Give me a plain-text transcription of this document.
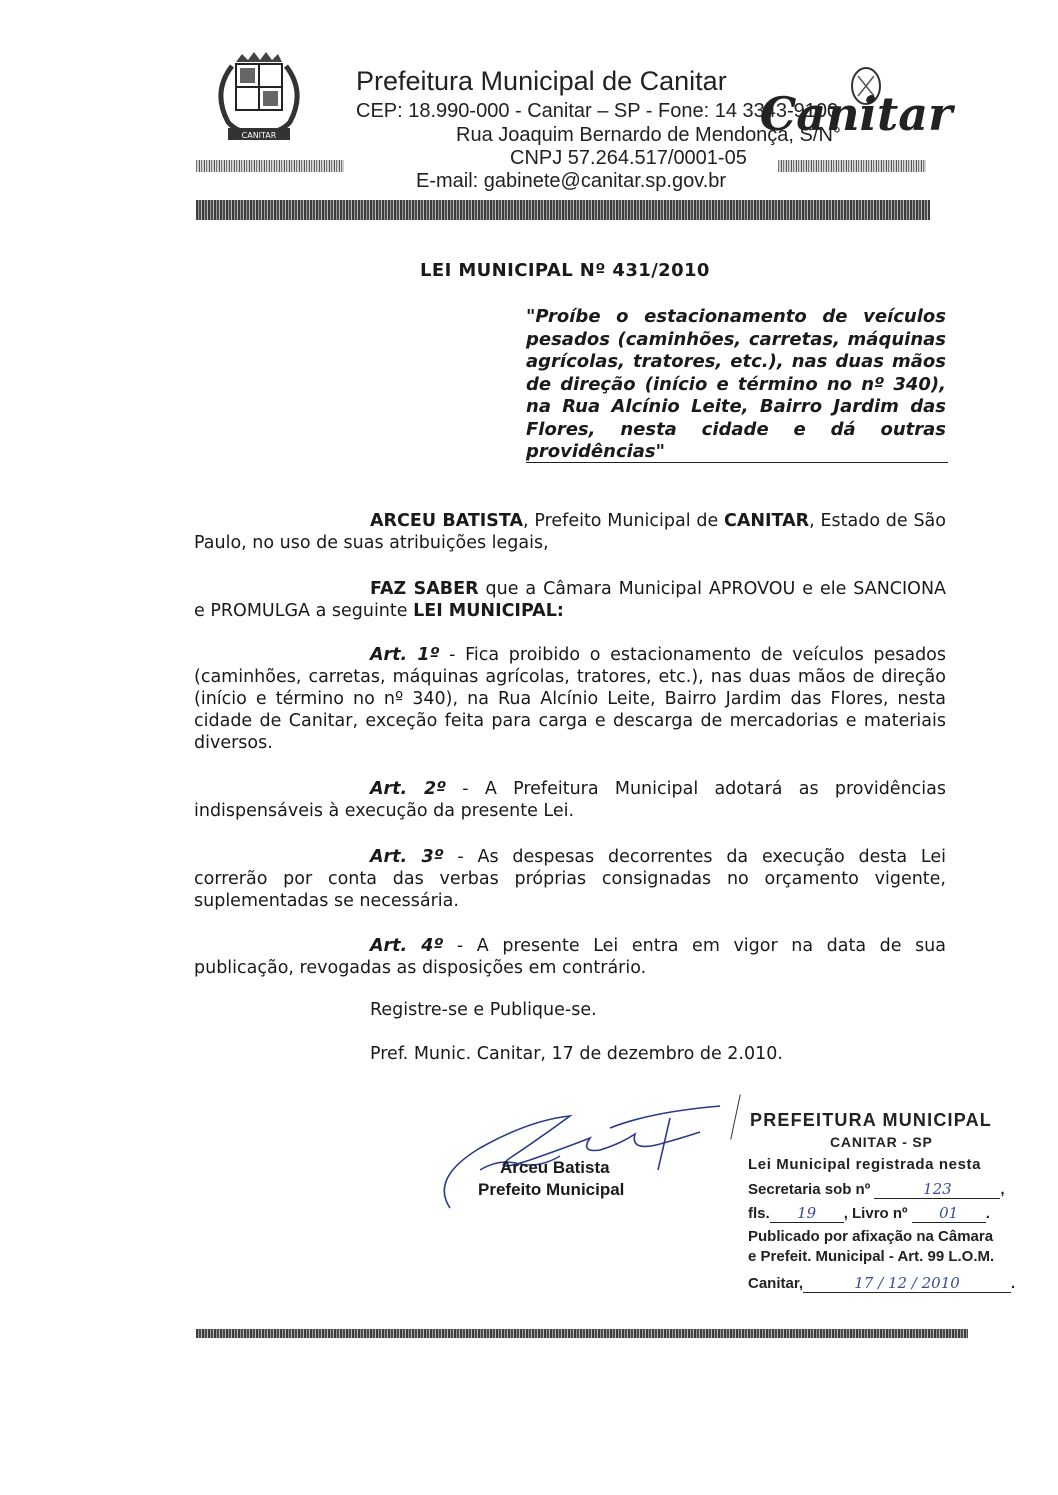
CANITAR
Prefeitura Municipal de Canitar
CEP: 18.990-000 - Canitar – SP - Fone: 14 3343-9100
Rua Joaquim Bernardo de Mendonça, S/N°
CNPJ 57.264.517/0001-05
E-mail: gabinete@canitar.sp.gov.br
Canitar
LEI MUNICIPAL Nº 431/2010
"Proíbe o estacionamento de veículos pesados (caminhões, carretas, máquinas agrícolas, tratores, etc.), nas duas mãos de direção (início e término no nº 340), na Rua Alcínio Leite, Bairro Jardim das Flores, nesta cidade e dá outras providências"
ARCEU BATISTA, Prefeito Municipal de CANITAR, Estado de São Paulo, no uso de suas atribuições legais,
FAZ SABER que a Câmara Municipal APROVOU e ele SANCIONA e PROMULGA a seguinte LEI MUNICIPAL:
Art. 1º - Fica proibido o estacionamento de veículos pesados (caminhões, carretas, máquinas agrícolas, tratores, etc.), nas duas mãos de direção (início e término no nº 340), na Rua Alcínio Leite, Bairro Jardim das Flores, nesta cidade de Canitar, exceção feita para carga e descarga de mercadorias e materiais diversos.
Art. 2º - A Prefeitura Municipal adotará as providências indispensáveis à execução da presente Lei.
Art. 3º - As despesas decorrentes da execução desta Lei correrão por conta das verbas próprias consignadas no orçamento vigente, suplementadas se necessária.
Art. 4º - A presente Lei entra em vigor na data de sua publicação, revogadas as disposições em contrário.
Registre-se e Publique-se.
Pref. Munic. Canitar, 17 de dezembro de 2.010.
Arceu Batista
Prefeito Municipal
PREFEITURA MUNICIPAL
CANITAR - SP
Lei Municipal registrada nesta
Secretaria sob nº	123	,
fls. 19 , Livro nº 01 .
Publicado por afixação na Câmara
e Prefeit. Municipal - Art. 99 L.O.M.
Canitar,	17 / 12 / 2010	.
